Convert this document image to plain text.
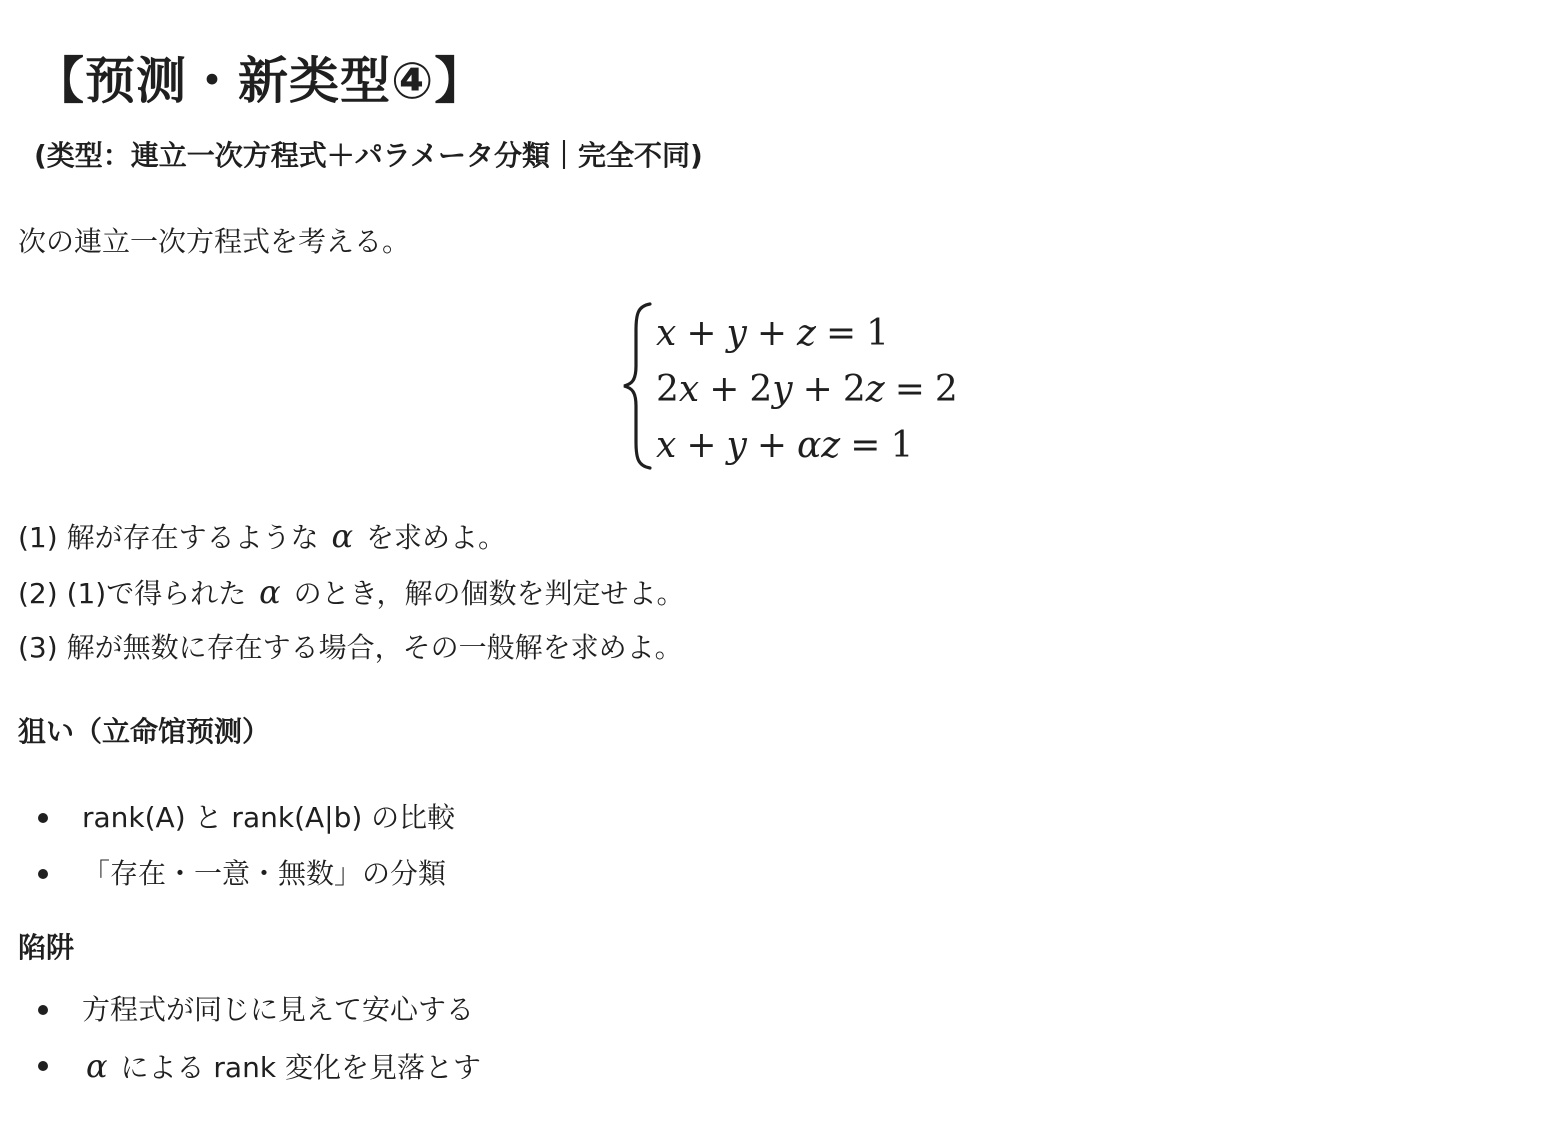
【预测・新类型④】

(类型：連立一次方程式＋パラメータ分類｜完全不同)

次の連立一次方程式を考える。

x + y + z = 1
2x + 2y + 2z = 2
x + y + αz = 1
(1) 解が存在するような α を求めよ。
(2) (1)で得られた α のとき，解の個数を判定せよ。
(3) 解が無数に存在する場合，その一般解を求めよ。
狙い（立命馆预测）
rank(A) と rank(A|b) の比較
「存在・一意・無数」の分類
陷阱
方程式が同じに見えて安心する
α による rank 変化を見落とす
